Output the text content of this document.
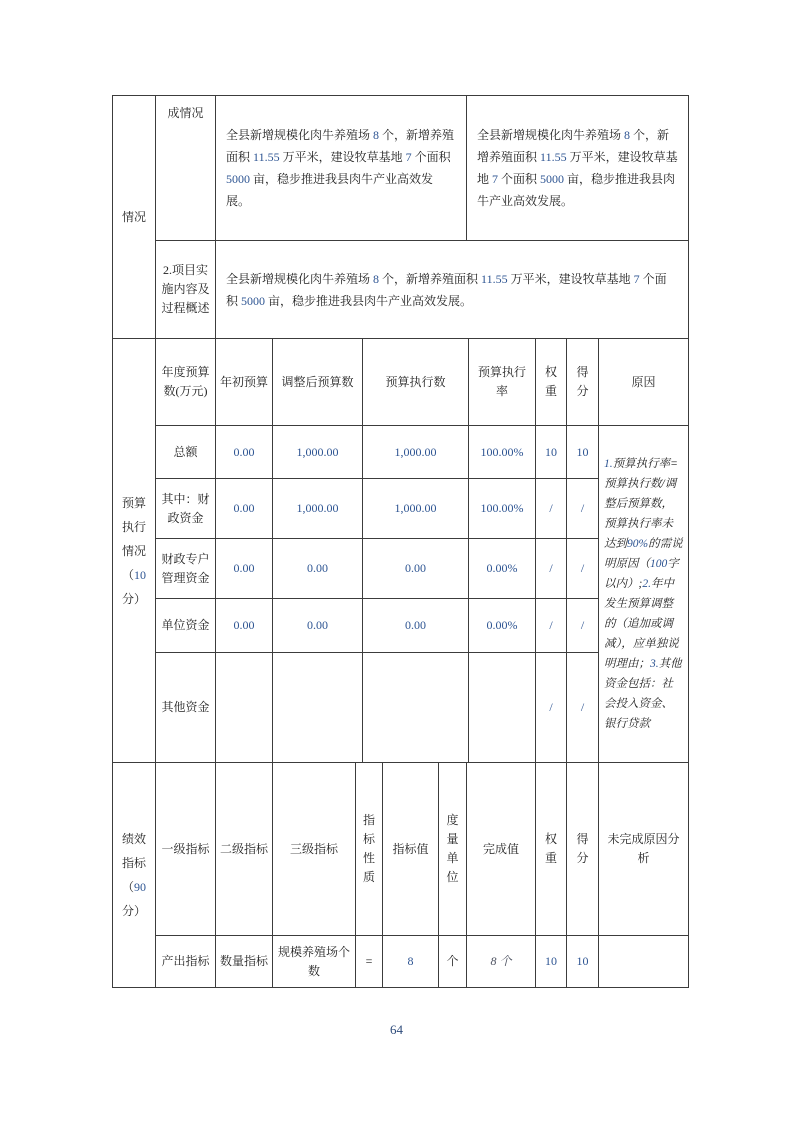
情况	成情况	全县新增规模化肉牛养殖场 8 个，新增养殖面积 11.55 万平米，建设牧草基地 7 个面积 5000 亩，稳步推进我县肉牛产业高效发展。	全县新增规模化肉牛养殖场 8 个，新增养殖面积 11.55 万平米，建设牧草基地 7 个面积 5000 亩，稳步推进我县肉牛产业高效发展。
	2.项目实施内容及过程概述	全县新增规模化肉牛养殖场 8 个，新增养殖面积 11.55 万平米，建设牧草基地 7 个面积 5000 亩，稳步推进我县肉牛产业高效发展。	
预算执行情况（10分）	年度预算数(万元)	年初预算	调整后预算数	预算执行数	预算执行率	权重	得分	原因
	总额	0.00	1,000.00	1,000.00	100.00%	10	10	1.预算执行率=预算执行数/调整后预算数，预算执行率未达到90%的需说明原因（100字以内）;2.年中发生预算调整的（追加或调减），应单独说明理由；3.其他资金包括：社会投入资金、银行贷款
	其中：财政资金	0.00	1,000.00	1,000.00	100.00%	/	/	
	财政专户管理资金	0.00	0.00	0.00	0.00%	/	/	
	单位资金	0.00	0.00	0.00	0.00%	/	/	
	其他资金					/	/	
绩效指标（90分）	一级指标	二级指标	三级指标	指标性质	指标值	度量单位	完成值	权重	得分	未完成原因分析
	产出指标	数量指标	规模养殖场个数	=	8	个	8 个	10	10	
64
